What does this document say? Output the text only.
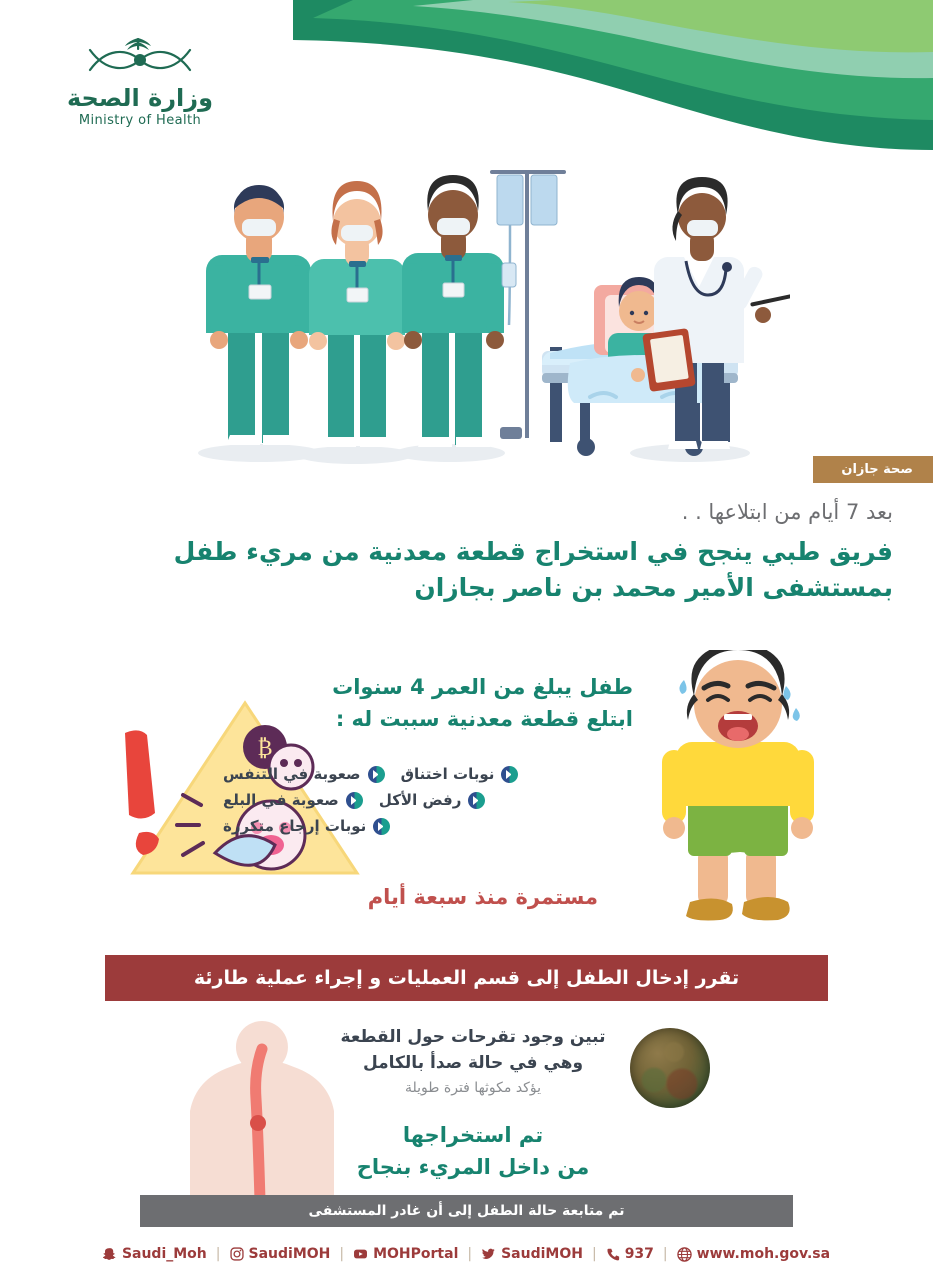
وزارة الصحة
Ministry of Health
صحة جازان
بعد 7 أيام من ابتلاعها . .
فريق طبي ينجح في استخراج قطعة معدنية من مريء طفل بمستشفى الأمير محمد بن ناصر بجازان
₿
طفل يبلغ من العمر 4 سنوات
ابتلع قطعة معدنية سببت له :
نوبات اختناق
صعوبة في التنفس
رفض الأكل
صعوبة في البلع
نوبات إرجاع متكررة
مستمرة منذ سبعة أيام
تقرر إدخال الطفل إلى قسم العمليات و إجراء عملية طارئة
تبين وجود تقرحات حول القطعة
وهي في حالة صدأ بالكامل
يؤكد مكوثها فترة طويلة
تم استخراجها
من داخل المريء بنجاح
تم متابعة حالة الطفل إلى أن غادر المستشفى
www.moh.gov.sa
|
937
|
SaudiMOH
|
MOHPortal
|
SaudiMOH
|
Saudi_Moh
